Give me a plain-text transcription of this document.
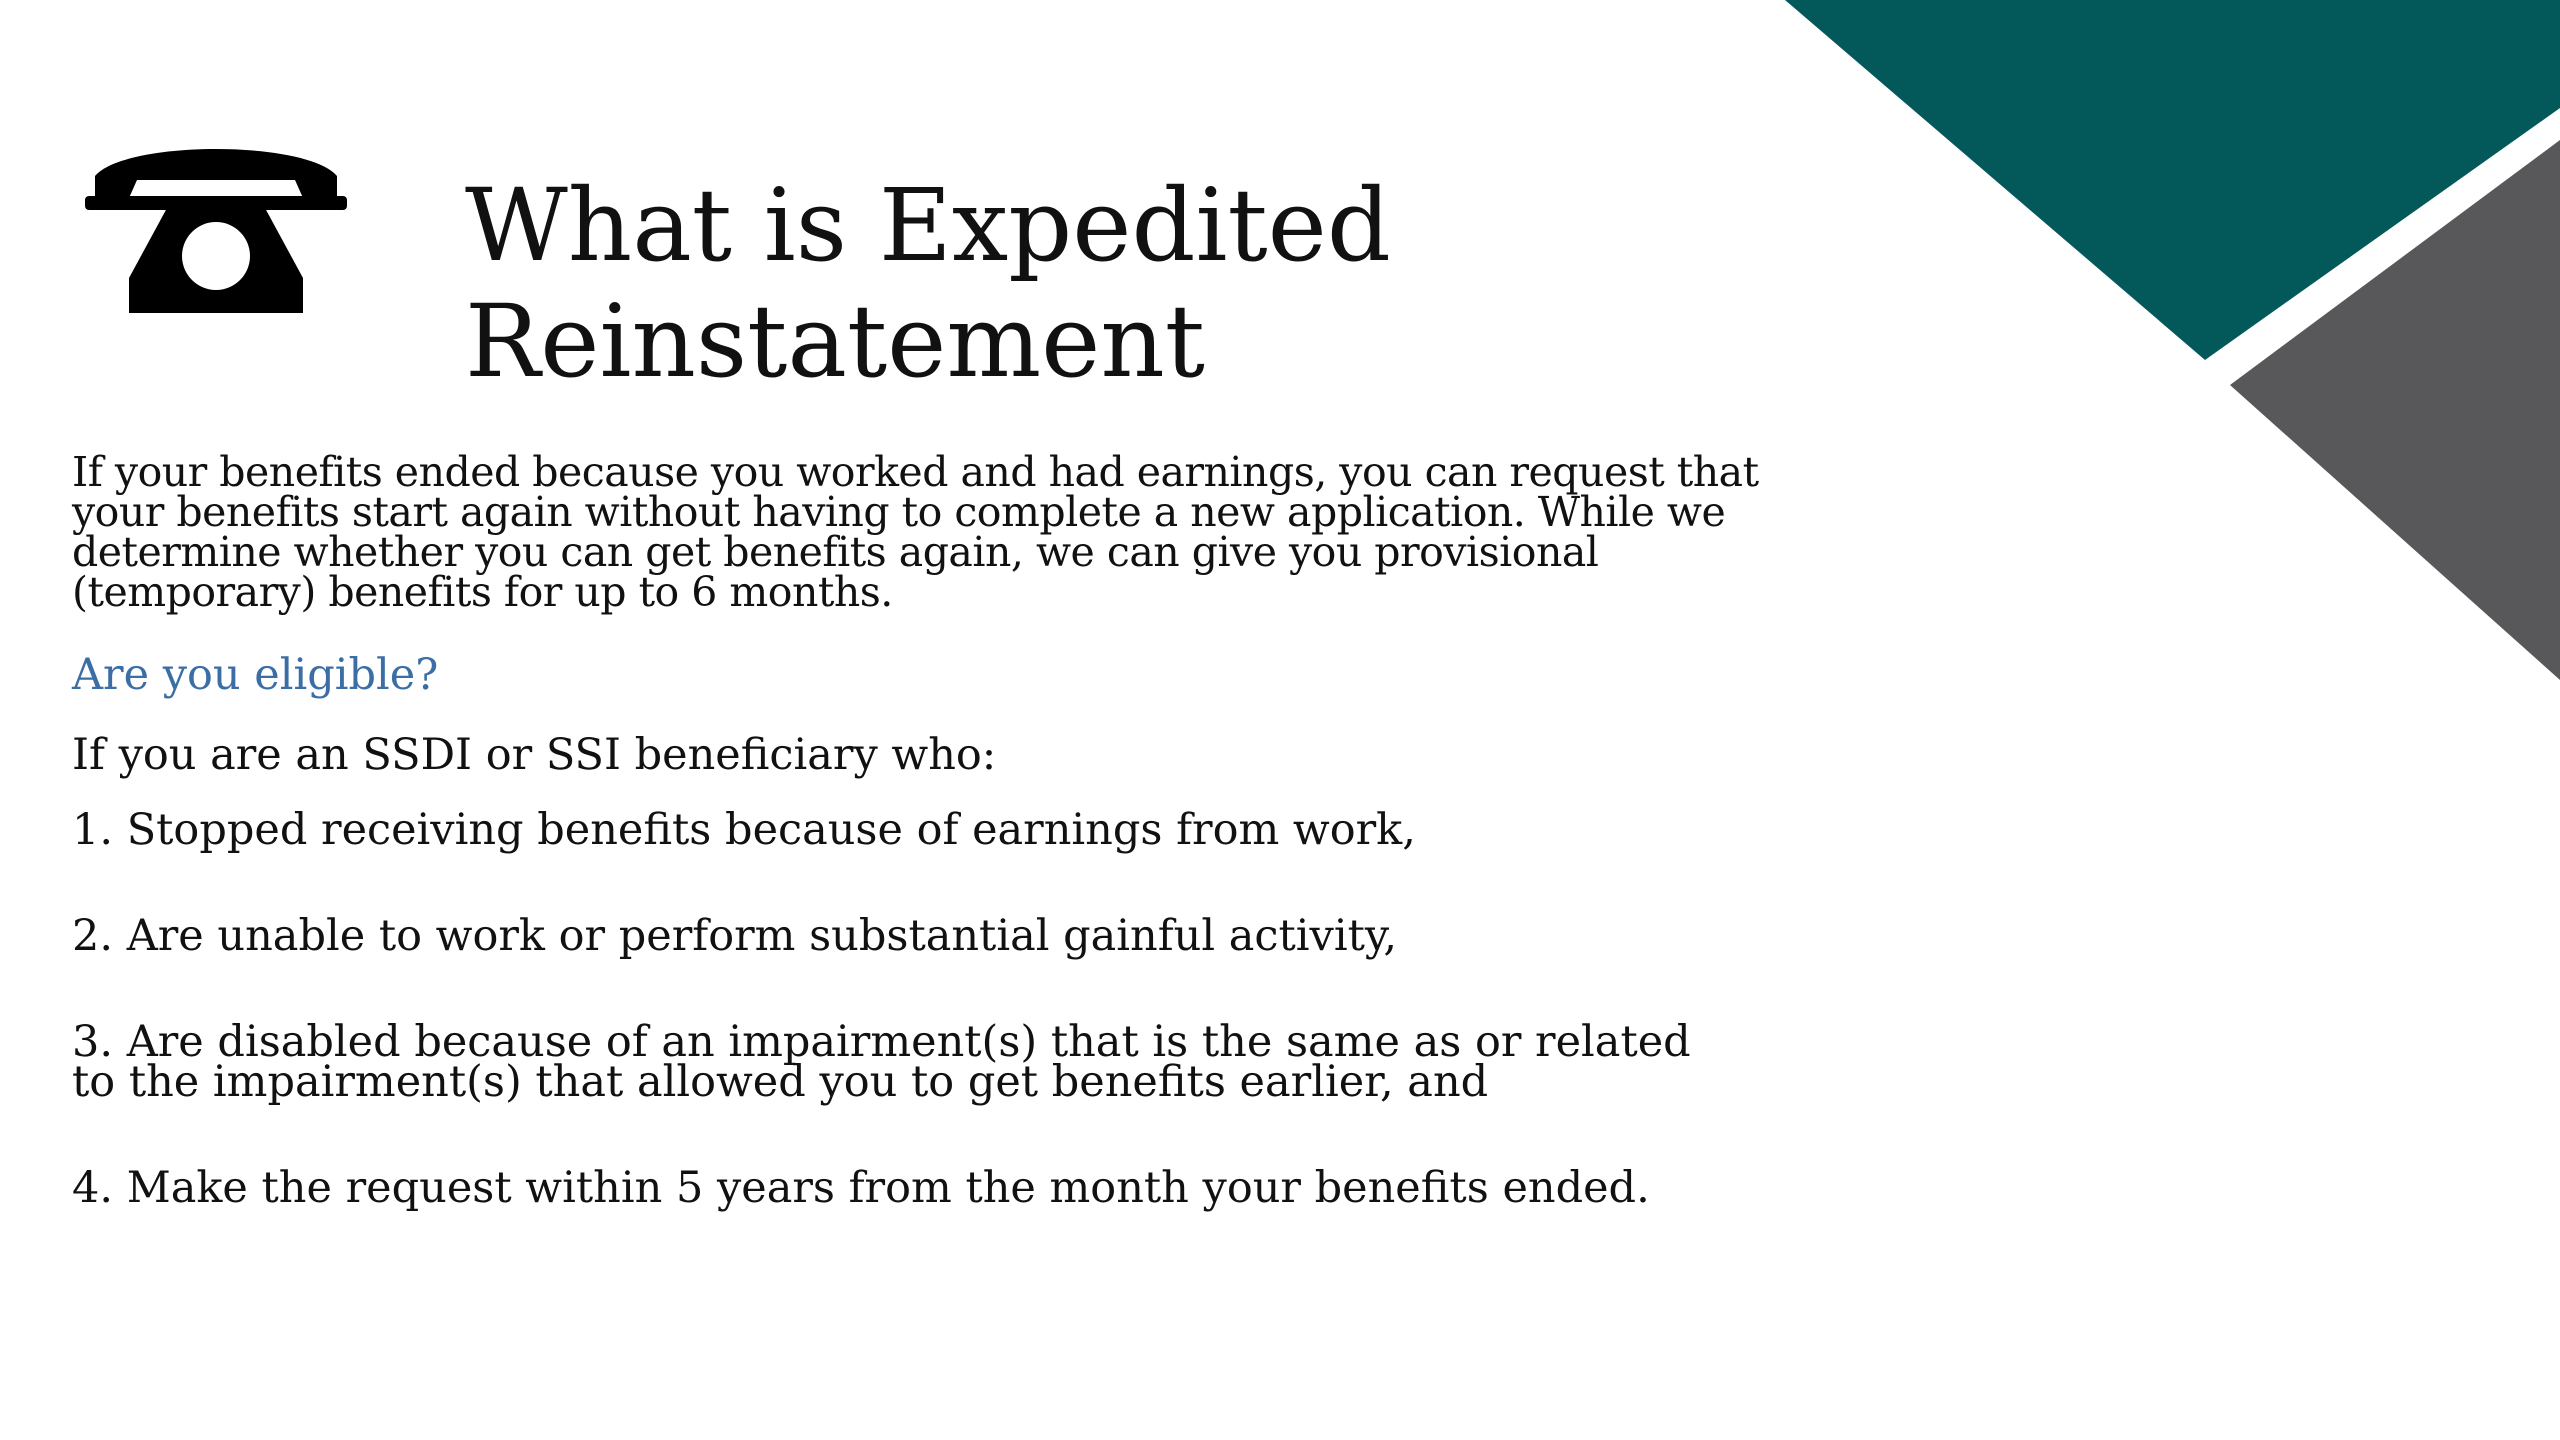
What is Expedited
Reinstatement

If your benefits ended because you worked and had earnings, you can request that
your benefits start again without having to complete a new application. While we
determine whether you can get benefits again, we can give you provisional
(temporary) benefits for up to 6 months.

Are you eligible?

If you are an SSDI or SSI beneficiary who:

1. Stopped receiving benefits because of earnings from work,
2. Are unable to work or perform substantial gainful activity,
3. Are disabled because of an impairment(s) that is the same as or related
to the impairment(s) that allowed you to get benefits earlier, and
4. Make the request within 5 years from the month your benefits ended.
